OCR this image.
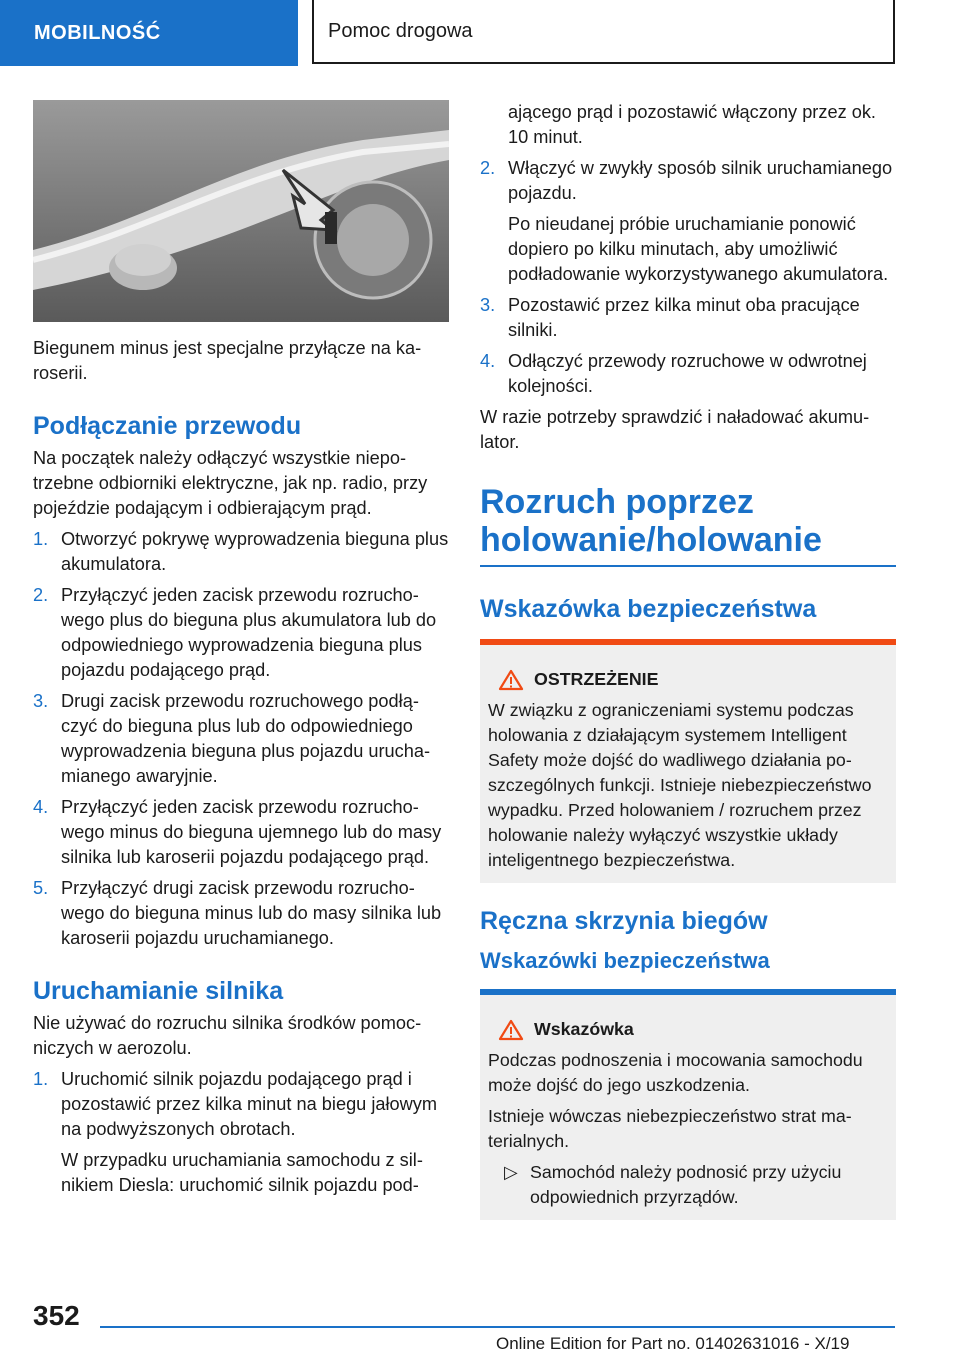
MOBILNOŚĆ	Pomoc drogowa

Biegunem minus jest specjalne przyłącze na karoserii.

Podłączanie przewodu

Na początek należy odłączyć wszystkie niepotrzebne odbiorniki elektryczne, jak np. radio, przy pojeździe podającym i odbierającym prąd.

1. Otworzyć pokrywę wyprowadzenia bieguna plus akumulatora.
2. Przyłączyć jeden zacisk przewodu rozruchowego plus do bieguna plus akumulatora lub do odpowiedniego wyprowadzenia bieguna plus pojazdu podającego prąd.
3. Drugi zacisk przewodu rozruchowego podłączyć do bieguna plus lub do odpowiedniego wyprowadzenia bieguna plus pojazdu uruchamianego awaryjnie.
4. Przyłączyć jeden zacisk przewodu rozruchowego minus do bieguna ujemnego lub do masy silnika lub karoserii pojazdu podającego prąd.
5. Przyłączyć drugi zacisk przewodu rozruchowego do bieguna minus lub do masy silnika lub karoserii pojazdu uruchamianego.
Uruchamianie silnika

Nie używać do rozruchu silnika środków pomocniczych w aerozolu.

1. Uruchomić silnik pojazdu podającego prąd i pozostawić przez kilka minut na biegu jałowym na podwyższonych obrotach.
W przypadku uruchamiania samochodu z silnikiem Diesla: uruchomić silnik pojazdu pod-

ającego prąd i pozostawić włączony przez ok. 10 minut.

2. Włączyć w zwykły sposób silnik uruchamianego pojazdu.
Po nieudanej próbie uruchamianie ponowić dopiero po kilku minutach, aby umożliwić podładowanie wykorzystywanego akumulatora.
3. Pozostawić przez kilka minut oba pracujące silniki.
4. Odłączyć przewody rozruchowe w odwrotnej kolejności.

W razie potrzeby sprawdzić i naładować akumulator.

Rozruch poprzez holowanie/holowanie
Wskazówka bezpieczeństwa
OSTRZEŻENIE
W związku z ograniczeniami systemu podczas holowania z działającym systemem Intelligent Safety może dojść do wadliwego działania poszczególnych funkcji. Istnieje niebezpieczeństwo wypadku. Przed holowaniem / rozruchem przez holowanie należy wyłączyć wszystkie układy inteligentnego bezpieczeństwa.
Ręczna skrzynia biegów
Wskazówki bezpieczeństwa
Wskazówka

Podczas podnoszenia i mocowania samochodu może dojść do jego uszkodzenia.

Istnieje wówczas niebezpieczeństwo strat materialnych.

▷ Samochód należy podnosić przy użyciu odpowiednich przyrządów.
352
Online Edition for Part no. 01402631016 - X/19
